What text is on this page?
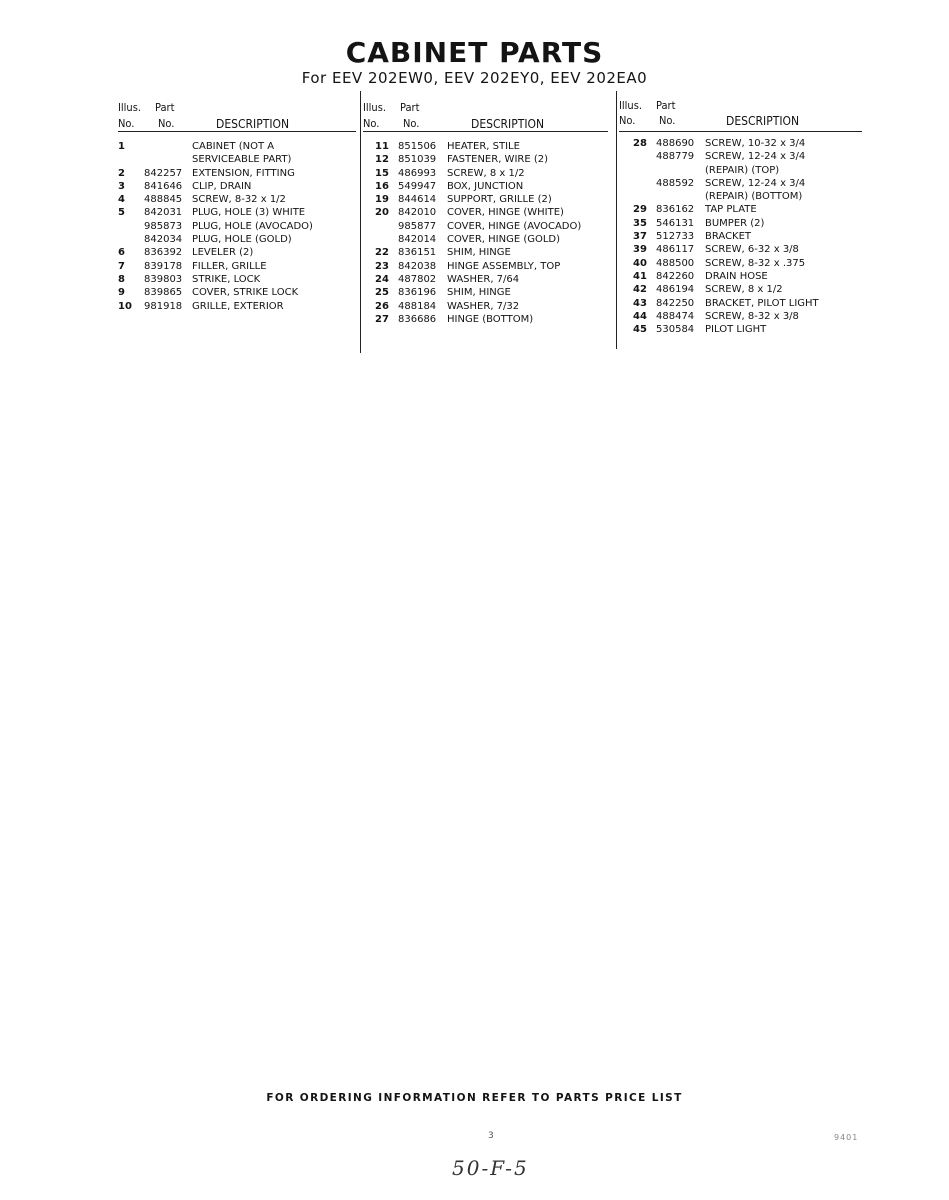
CABINET PARTS
For EEV 202EW0, EEV 202EY0, EEV 202EA0
Illus. Part
No. No.	DESCRIPTION
1	CABINET (NOT A
SERVICEABLE PART)
2	842257 EXTENSION, FITTING
3	841646 CLIP, DRAIN
4	488845 SCREW, 8-32 x 1/2
5	842031 PLUG, HOLE (3) WHITE
985873 PLUG, HOLE (AVOCADO)
842034 PLUG, HOLE (GOLD)
6	836392 LEVELER (2)
7	839178 FILLER, GRILLE
8	839803 STRIKE, LOCK
9	839865 COVER, STRIKE LOCK
10	981918 GRILLE, EXTERIOR
Illus. Part
No. No.	DESCRIPTION
11 851506	HEATER, STILE
12 851039	FASTENER, WIRE (2)
15 486993	SCREW, 8 x 1/2
16 549947	BOX, JUNCTION
19 844614	SUPPORT, GRILLE (2)
20 842010	COVER, HINGE (WHITE)
985877	COVER, HINGE (AVOCADO)
842014	COVER, HINGE (GOLD)
22 836151	SHIM, HINGE
23 842038	HINGE ASSEMBLY, TOP
24 487802	WASHER, 7/64
25 836196	SHIM, HINGE
26 488184	WASHER, 7/32
27 836686	HINGE (BOTTOM)
Illus. Part
No. No.	DESCRIPTION
28 488690	SCREW, 10-32 x 3/4
488779	SCREW, 12-24 x 3/4
(REPAIR) (TOP)
488592	SCREW, 12-24 x 3/4
(REPAIR) (BOTTOM)
29 836162	TAP PLATE
35 546131	BUMPER (2)
37 512733	BRACKET
39 486117	SCREW, 6-32 x 3/8
40 488500	SCREW, 8-32 x .375
41 842260	DRAIN HOSE
42 486194	SCREW, 8 x 1/2
43 842250	BRACKET, PILOT LIGHT
44 488474	SCREW, 8-32 x 3/8
45 530584	PILOT LIGHT
FOR ORDERING INFORMATION REFER TO PARTS PRICE LIST
3	9401
50-F-5
